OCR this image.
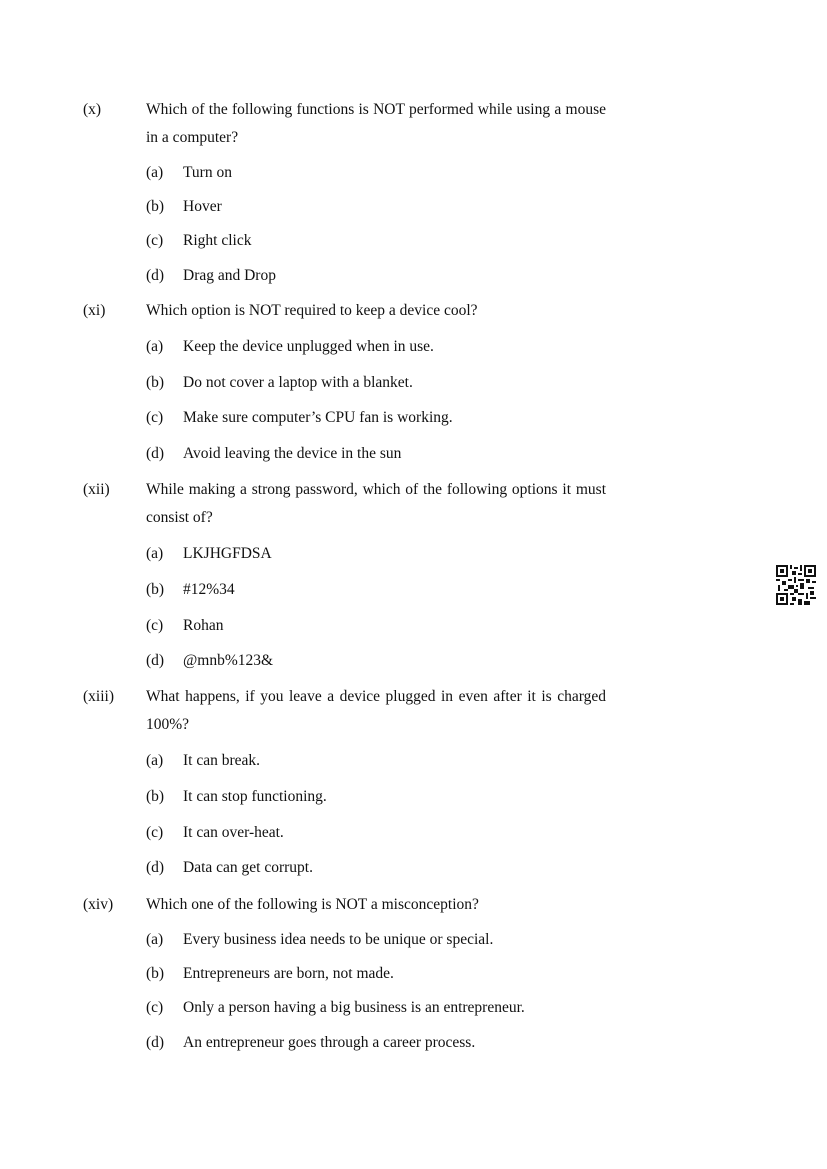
(x)	Which of the following functions is NOT performed while using a mouse in a computer?
(a) Turn on
(b) Hover
(c) Right click
(d) Drag and Drop
(xi)	Which option is NOT required to keep a device cool?
(a) Keep the device unplugged when in use.
(b) Do not cover a laptop with a blanket.
(c) Make sure computer’s CPU fan is working.
(d) Avoid leaving the device in the sun
(xii) While making a strong password, which of the following options it must consist of?
(a) LKJHGFDSA
(b) #12%34
(c) Rohan
(d) @mnb%123&
(xiii) What happens, if you leave a device plugged in even after it is charged 100%?
(a) It can break.
(b) It can stop functioning.
(c) It can over-heat.
(d) Data can get corrupt.
(xiv) Which one of the following is NOT a misconception?
(a) Every business idea needs to be unique or special.
(b) Entrepreneurs are born, not made.
(c) Only a person having a big business is an entrepreneur.
(d) An entrepreneur goes through a career process.
